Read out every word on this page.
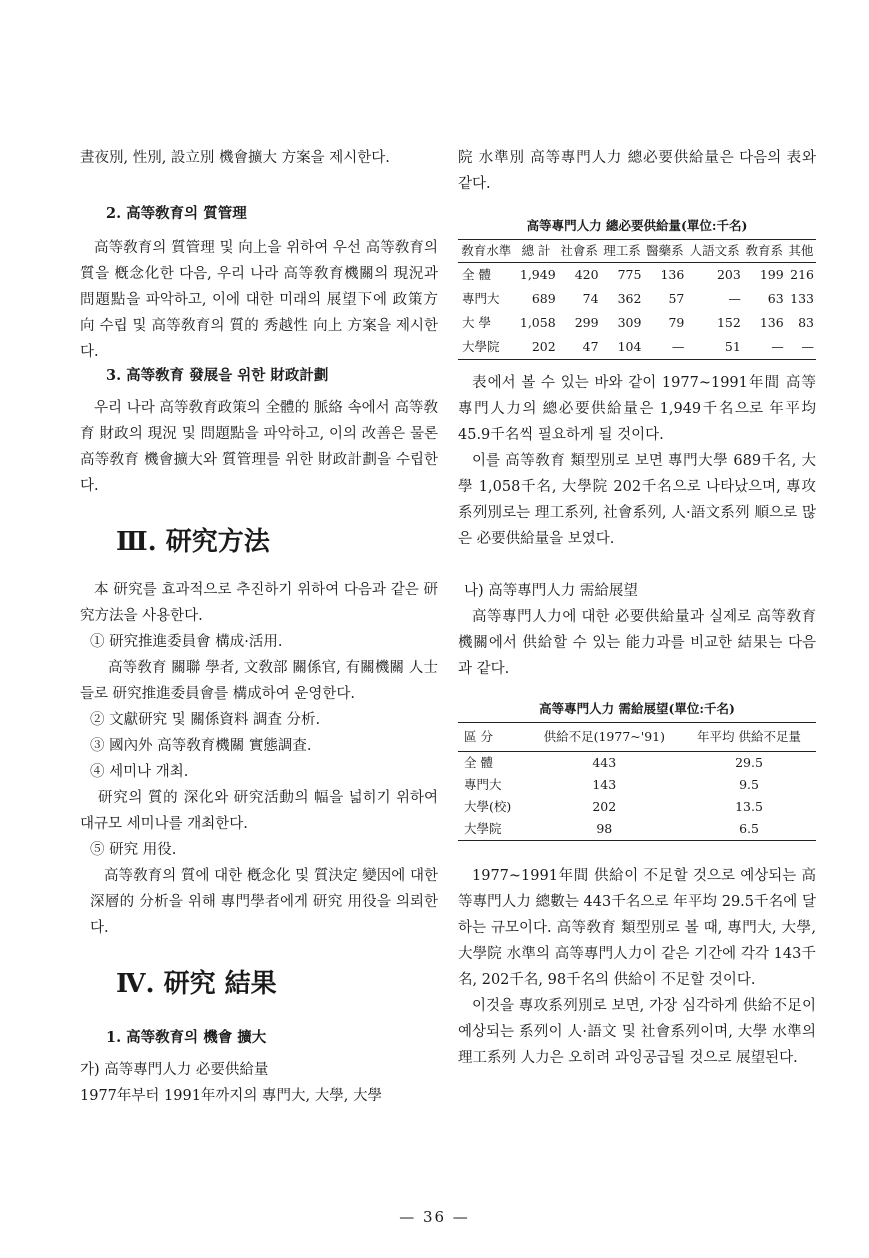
晝夜別, 性別, 設立別 機會擴大 方案을 제시한다.

2. 高等敎育의 質管理

高等敎育의 質管理 및 向上을 위하여 우선 高等敎育의 質을 槪念化한 다음, 우리 나라 高等敎育機關의 現況과 問題點을 파악하고, 이에 대한 미래의 展望下에 政策方向 수립 및 高等敎育의 質的 秀越性 向上 方案을 제시한다.

3. 高等敎育 發展을 위한 財政計劃

우리 나라 高等敎育政策의 全體的 脈絡 속에서 高等敎育 財政의 現況 및 問題點을 파악하고, 이의 改善은 물론 高等敎育 機會擴大와 質管理를 위한 財政計劃을 수립한다.

Ⅲ. 研究方法

本 研究를 효과적으로 추진하기 위하여 다음과 같은 研究方法을 사용한다.

① 研究推進委員會 構成·活用.

高等敎育 關聯 學者, 文敎部 關係官, 有關機關 人士들로 研究推進委員會를 構成하여 운영한다.

② 文獻研究 및 關係資料 調査 分析.

③ 國內外 高等敎育機關 實態調査.

④ 세미나 개최.

研究의 質的 深化와 研究活動의 幅을 넓히기 위하여 대규모 세미나를 개최한다.

⑤ 研究 用役.

高等敎育의 質에 대한 槪念化 및 質決定 變因에 대한 深層的 分析을 위해 專門學者에게 研究 用役을 의뢰한다.

Ⅳ. 研究 結果

1. 高等敎育의 機會 擴大

가) 高等專門人力 必要供給量

1977年부터 1991年까지의 專門大, 大學, 大學

院 水準別 高等專門人力 總必要供給量은 다음의 表와 같다.

高等專門人力 總必要供給量(單位:千名)

敎育水準	總 計	社會系	理工系	醫藥系	人語文系	敎育系	其他
全 體	1,949	420	775	136	203	199	216
專門大	689	74	362	57	—	63	133
大 學	1,058	299	309	79	152	136	83
大學院	202	47	104	—	51	—	—

表에서 볼 수 있는 바와 같이 1977~1991年間 高等專門人力의 總必要供給量은 1,949千名으로 年平均 45.9千名씩 필요하게 될 것이다.

이를 高等敎育 類型別로 보면 專門大學 689千名, 大學 1,058千名, 大學院 202千名으로 나타났으며, 專攻系列別로는 理工系列, 社會系列, 人·語文系列 順으로 많은 必要供給量을 보였다.

나) 高等專門人力 需給展望

高等專門人力에 대한 必要供給量과 실제로 高等敎育機關에서 供給할 수 있는 能力과를 비교한 結果는 다음과 같다.

高等專門人力 需給展望(單位:千名)

區 分	供給不足(1977~'91)	年平均 供給不足量
全 體	443	29.5
專門大	143	9.5
大學(校)	202	13.5
大學院	98	6.5

1977~1991年間 供給이 不足할 것으로 예상되는 高等專門人力 總數는 443千名으로 年平均 29.5千名에 달하는 규모이다. 高等敎育 類型別로 볼 때, 專門大, 大學, 大學院 水準의 高等專門人力이 같은 기간에 각각 143千名, 202千名, 98千名의 供給이 不足할 것이다.

이것을 專攻系列別로 보면, 가장 심각하게 供給不足이 예상되는 系列이 人·語文 및 社會系列이며, 大學 水準의 理工系列 人力은 오히려 과잉공급될 것으로 展望된다.

— 36 —
